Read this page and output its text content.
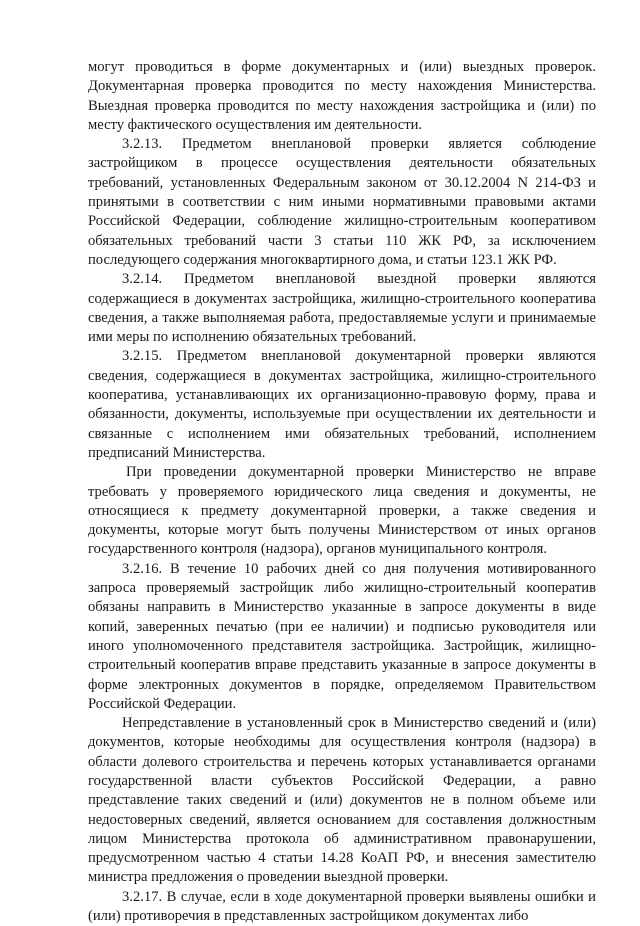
могут проводиться в форме документарных и (или) выездных проверок. Документарная проверка проводится по месту нахождения Министерства. Выездная проверка проводится по месту нахождения застройщика и (или) по месту фактического осуществления им деятельности.

3.2.13. Предметом внеплановой проверки является соблюдение застройщиком в процессе осуществления деятельности обязательных требований, установленных Федеральным законом от 30.12.2004 N 214-ФЗ и принятыми в соответствии с ним иными нормативными правовыми актами Российской Федерации, соблюдение жилищно-строительным кооперативом обязательных требований части 3 статьи 110 ЖК РФ, за исключением последующего содержания многоквартирного дома, и статьи 123.1 ЖК РФ.

3.2.14. Предметом внеплановой выездной проверки являются содержащиеся в документах застройщика, жилищно-строительного кооператива сведения, а также выполняемая работа, предоставляемые услуги и принимаемые ими меры по исполнению обязательных требований.

3.2.15. Предметом внеплановой документарной проверки являются сведения, содержащиеся в документах застройщика, жилищно-строительного кооператива, устанавливающих их организационно-правовую форму, права и обязанности, документы, используемые при осуществлении их деятельности и связанные с исполнением ими обязательных требований, исполнением предписаний Министерства.

При проведении документарной проверки Министерство не вправе требовать у проверяемого юридического лица сведения и документы, не относящиеся к предмету документарной проверки, а также сведения и документы, которые могут быть получены Министерством от иных органов государственного контроля (надзора), органов муниципального контроля.

3.2.16. В течение 10 рабочих дней со дня получения мотивированного запроса проверяемый застройщик либо жилищно-строительный кооператив обязаны направить в Министерство указанные в запросе документы в виде копий, заверенных печатью (при ее наличии) и подписью руководителя или иного уполномоченного представителя застройщика. Застройщик, жилищно-строительный кооператив вправе представить указанные в запросе документы в форме электронных документов в порядке, определяемом Правительством Российской Федерации.

Непредставление в установленный срок в Министерство сведений и (или) документов, которые необходимы для осуществления контроля (надзора) в области долевого строительства и перечень которых устанавливается органами государственной власти субъектов Российской Федерации, а равно представление таких сведений и (или) документов не в полном объеме или недостоверных сведений, является основанием для составления должностным лицом Министерства протокола об административном правонарушении, предусмотренном частью 4 статьи 14.28 КоАП РФ, и внесения заместителю министра предложения о проведении выездной проверки.

3.2.17. В случае, если в ходе документарной проверки выявлены ошибки и (или) противоречия в представленных застройщиком документах либо
